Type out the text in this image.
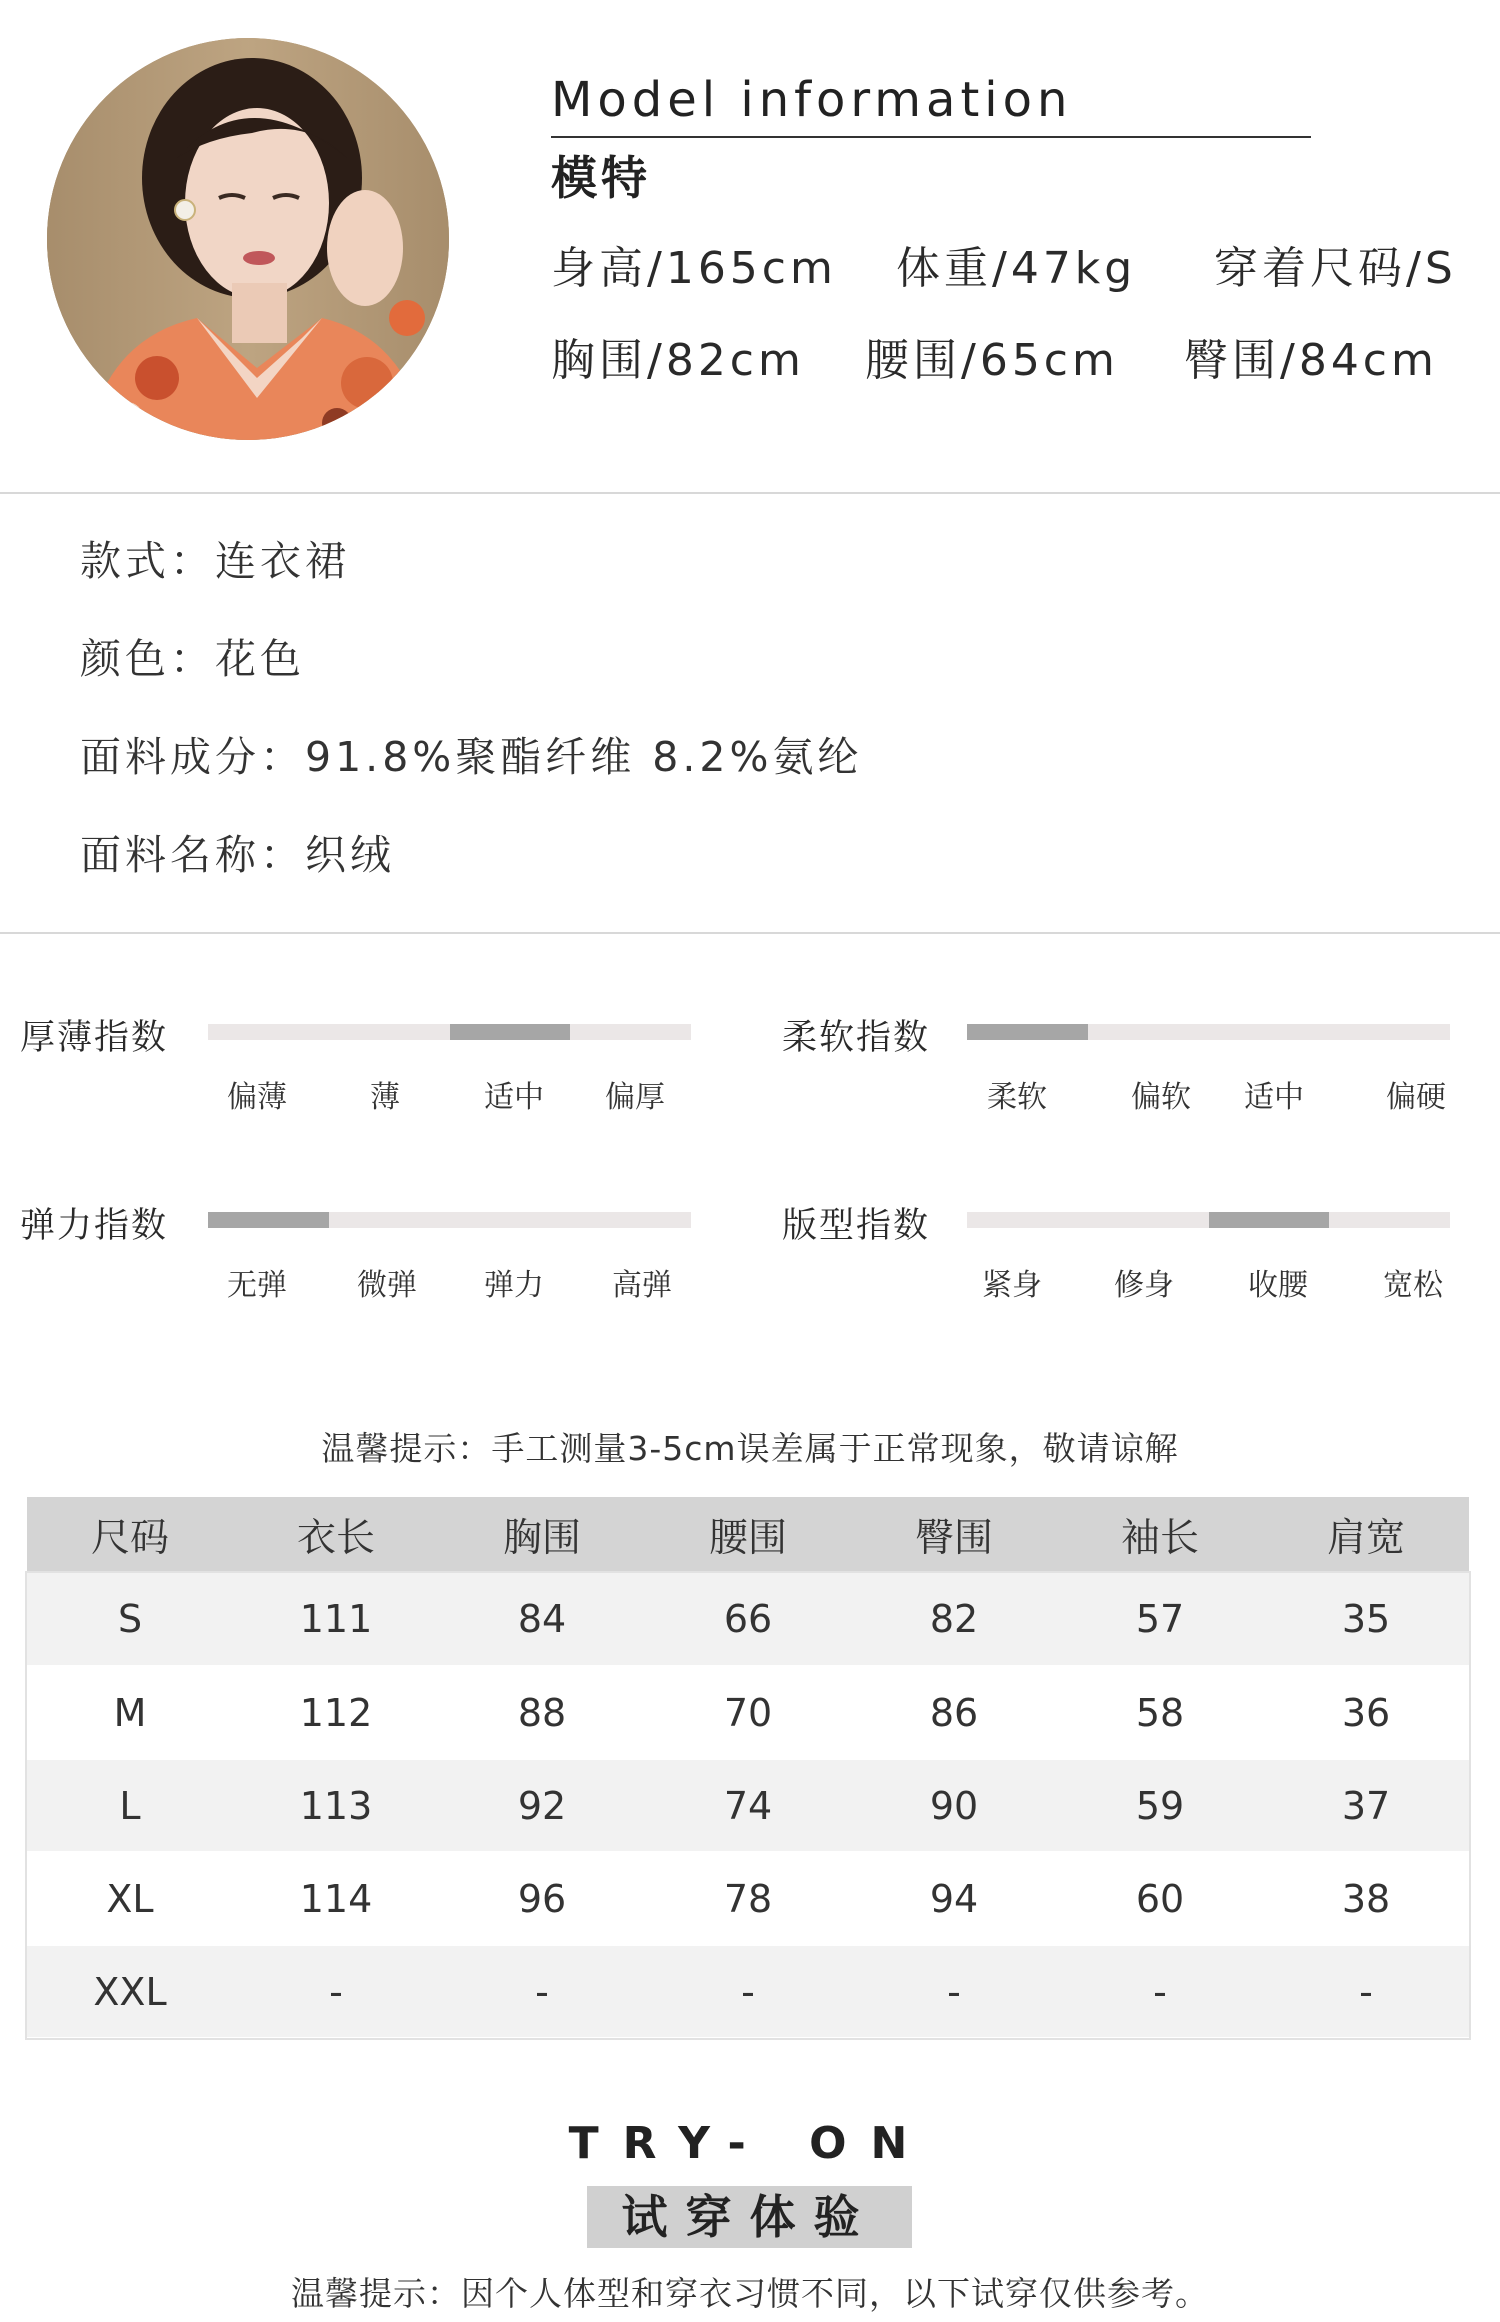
Model information
模特
身高/165cm 体重/47kg 穿着尺码/S
胸围/82cm 腰围/65cm 臀围/84cm
款式：连衣裙
颜色：花色
面料成分：91.8%聚酯纤维 8.2%氨纶
面料名称：织绒
厚薄指数
偏薄	薄	适中 偏厚
柔软指数
柔软	偏软 适中	偏硬
弹力指数
无弹 微弹 弹力 高弹
版型指数
紧身 修身 收腰	宽松
温馨提示：手工测量3-5cm误差属于正常现象，敬请谅解
尺码	衣长	胸围	腰围	臀围	袖长	肩宽
S	111	84	66	82	57	35
M	112	88	70	86	58	36
L	113	92	74	90	59	37
XL	114	96	78	94	60	38
XXL	-	-	-	-	-	-
TRY- ON
试穿体验
温馨提示：因个人体型和穿衣习惯不同，以下试穿仅供参考。
